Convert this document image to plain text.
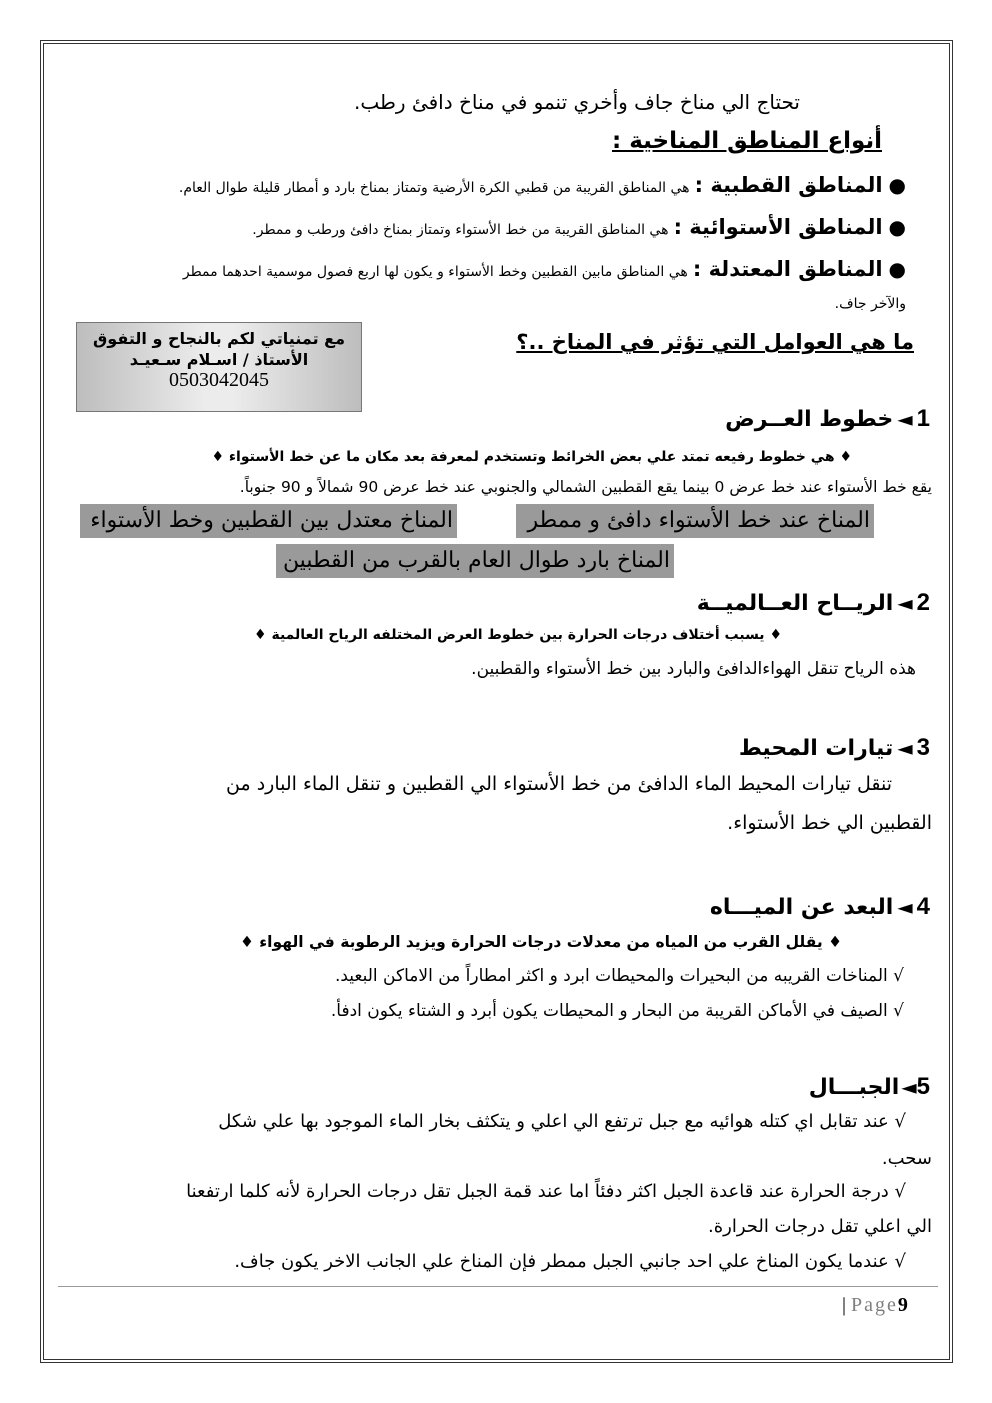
تحتاج الي مناخ جاف وأخري تنمو في مناخ دافئ رطب.
أنواع المناطق المناخية :
●المناطق القطبية : هي المناطق القريبة من قطبي الكرة الأرضية وتمتاز بمناخ بارد و أمطار قليلة طوال العام.
●المناطق الأستوائية : هي المناطق القريبة من خط الأستواء وتمتاز بمناخ دافئ ورطب و ممطر.
●المناطق المعتدلة : هي المناطق مابين القطبين وخط الأستواء و يكون لها اربع فصول موسمية احدهما ممطر
والآخر جاف.
ما هي العوامل التي تؤثر في المناخ ..؟
مع تمنياتي لكم بالنجاح و التفوق
الأستاذ / اسـلام سـعيـد
0503042045
1
◄
خطوط العــرض
♦ هي خطوط رفيعه تمتد علي بعض الخرائط وتستخدم لمعرفة بعد مكان ما عن خط الأستواء ♦
يقع خط الأستواء عند خط عرض 0 بينما يقع القطبين الشمالي والجنوبي عند خط عرض 90 شمالاً و 90 جنوباً.
المناخ عند خط الأستواء دافئ و ممطر
المناخ معتدل بين القطبين وخط الأستواء
المناخ بارد طوال العام بالقرب من القطبين
2
◄
الريــاح العــالميــة
♦ يسبب أختلاف درجات الحرارة بين خطوط العرض المختلفه الرياح العالمية ♦
هذه الرياح تنقل الهواءالدافئ والبارد بين خط الأستواء والقطبين.
3
◄
تيارات المحيط
تنقل تيارات المحيط الماء الدافئ من خط الأستواء الي القطبين و تنقل الماء البارد من
القطبين الي خط الأستواء.
4
◄
البعد عن الميـــاه
♦ يقلل القرب من المياه من معدلات درجات الحرارة ويزيد الرطوبة في الهواء ♦
√ المناخات القريبه من البحيرات والمحيطات ابرد و اكثر امطاراً من الاماكن البعيد.
√ الصيف في الأماكن القريبة من البحار و المحيطات يكون أبرد و الشتاء يكون ادفأ.
5
◄
الجبـــال
√ عند تقابل اي كتله هوائيه مع جبل ترتفع الي اعلي و يتكثف بخار الماء الموجود بها علي شكل
سحب.
√ درجة الحرارة عند قاعدة الجبل اكثر دفئاً اما عند قمة الجبل تقل درجات الحرارة لأنه كلما ارتفعنا
الي اعلي تقل درجات الحرارة.
√ عندما يكون المناخ علي احد جانبي الجبل ممطر فإن المناخ علي الجانب الاخر يكون جاف.
| Page9
